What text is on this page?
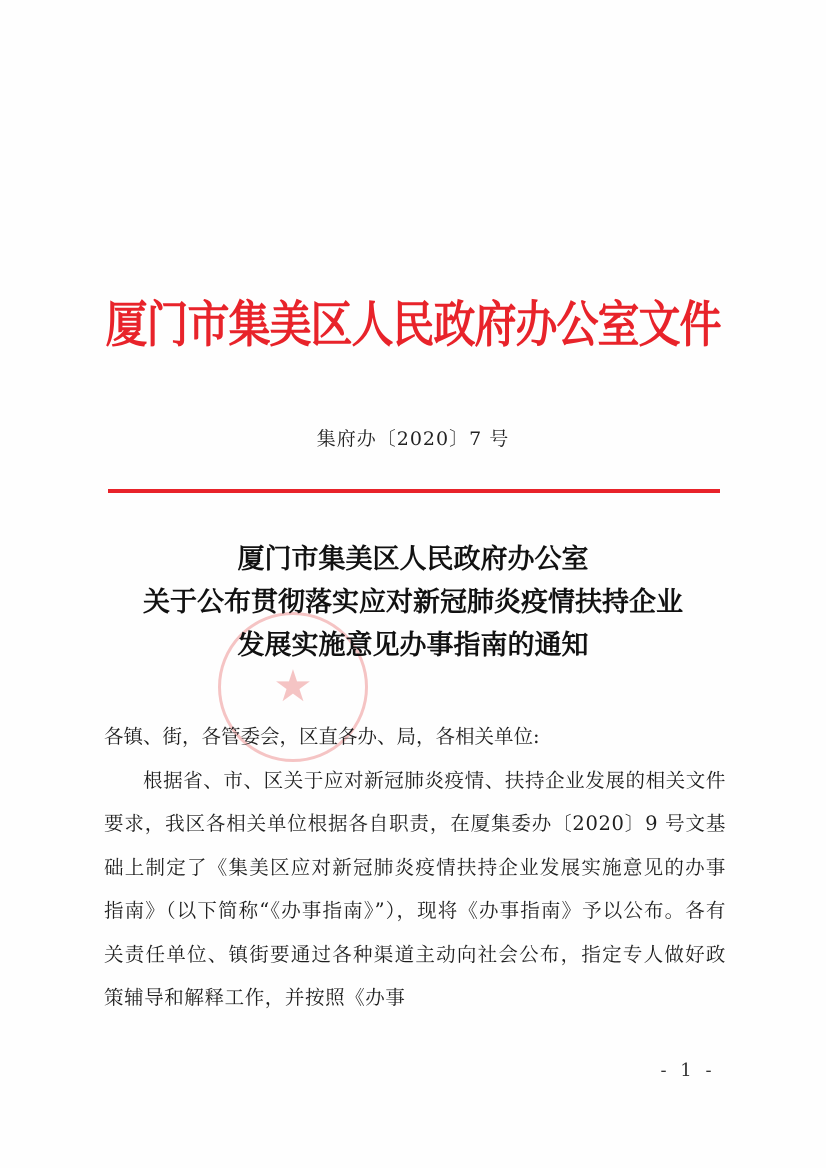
厦门市集美区人民政府办公室文件
集府办〔2020〕7 号
★
厦门市集美区人民政府办公室
关于公布贯彻落实应对新冠肺炎疫情扶持企业
发展实施意见办事指南的通知
各镇、街，各管委会，区直各办、局，各相关单位:
根据省、市、区关于应对新冠肺炎疫情、扶持企业发展的相关文件要求，我区各相关单位根据各自职责，在厦集委办〔2020〕9 号文基础上制定了《集美区应对新冠肺炎疫情扶持企业发展实施意见的办事指南》（以下简称“《办事指南》”），现将《办事指南》予以公布。各有关责任单位、镇街要通过各种渠道主动向社会公布，指定专人做好政策辅导和解释工作，并按照《办事
- 1 -
